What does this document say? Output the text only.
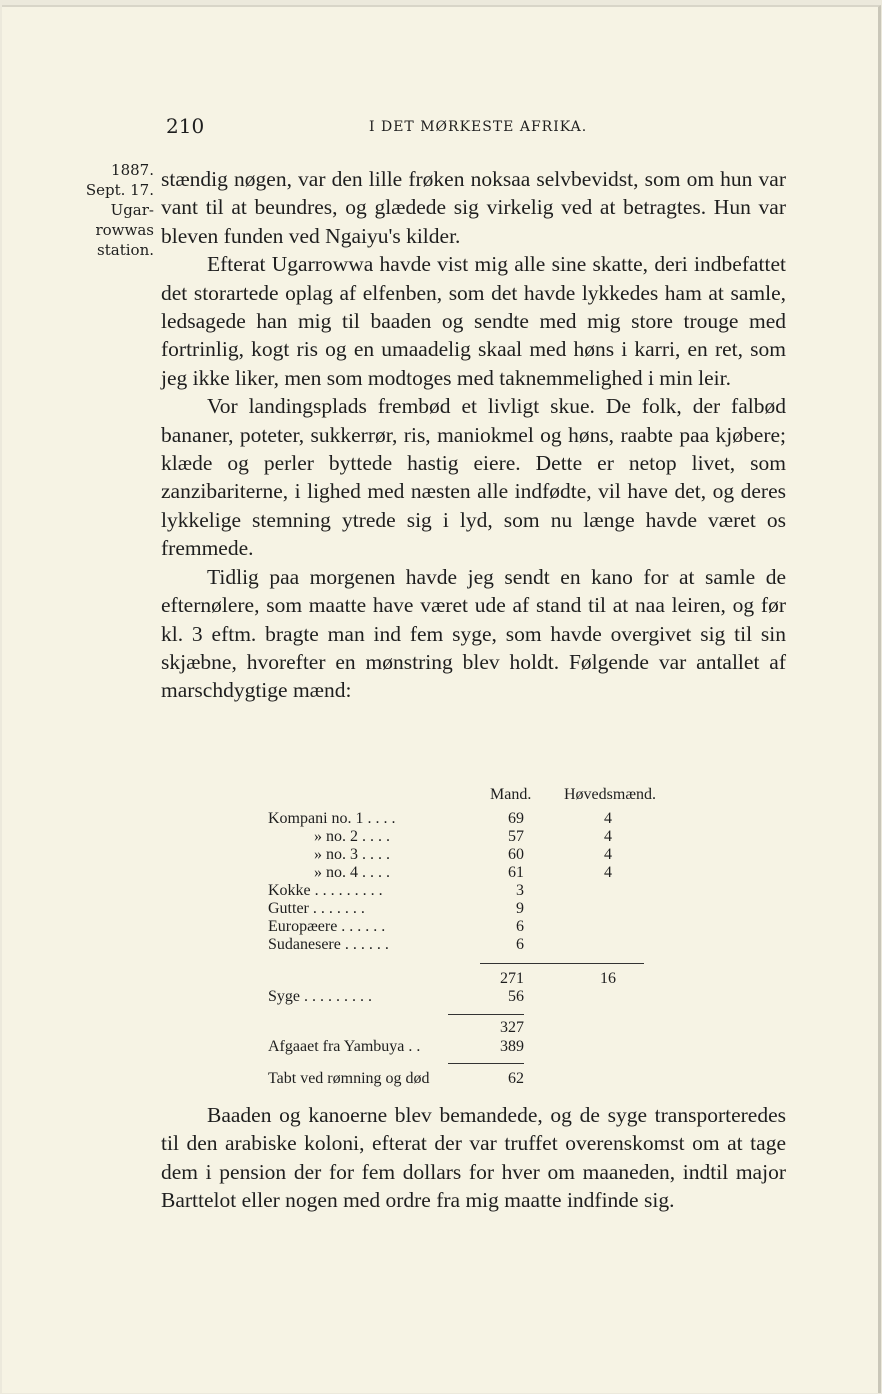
210	I DET MØRKESTE AFRIKA.
1887.
Sept. 17.
Ugar-
rowwas
station.

stændig nøgen, var den lille frøken noksaa selvbevidst, som om hun var vant til at beundres, og glædede sig virkelig ved at betragtes. Hun var bleven funden ved Ngaiyu's kilder.

Efterat Ugarrowwa havde vist mig alle sine skatte, deri indbefattet det storartede oplag af elfenben, som det havde lykkedes ham at samle, ledsagede han mig til baaden og sendte med mig store trouge med fortrinlig, kogt ris og en umaadelig skaal med høns i karri, en ret, som jeg ikke liker, men som modtoges med taknemmelighed i min leir.

Vor landingsplads frembød et livligt skue. De folk, der falbød bananer, poteter, sukkerrør, ris, maniokmel og høns, raabte paa kjøbere; klæde og perler byttede hastig eiere. Dette er netop livet, som zanzibariterne, i lighed med næsten alle indfødte, vil have det, og deres lykkelige stemning ytrede sig i lyd, som nu længe havde været os fremmede.

Tidlig paa morgenen havde jeg sendt en kano for at samle de efternølere, som maatte have været ude af stand til at naa leiren, og før kl. 3 eftm. bragte man ind fem syge, som havde overgivet sig til sin skjæbne, hvorefter en mønstring blev holdt. Følgende var antallet af marschdygtige mænd:

Mand. Høvedsmænd.
Kompani no. 1 . . . .	69	4
» no. 2 . . . .	57	4
» no. 3 . . . .	60	4
» no. 4 . . . .	61	4
Kokke . . . . . . . . .	3
Gutter . . . . . . .	9
Europæere . . . . . .	6
Sudanesere . . . . . .	6
271	16
Syge . . . . . . . . .	56
327
Afgaaet fra Yambuya . .	389
Tabt ved rømning og død	62

Baaden og kanoerne blev bemandede, og de syge transporteredes til den arabiske koloni, efterat der var truffet overenskomst om at tage dem i pension der for fem dollars for hver om maaneden, indtil major Barttelot eller nogen med ordre fra mig maatte indfinde sig.
